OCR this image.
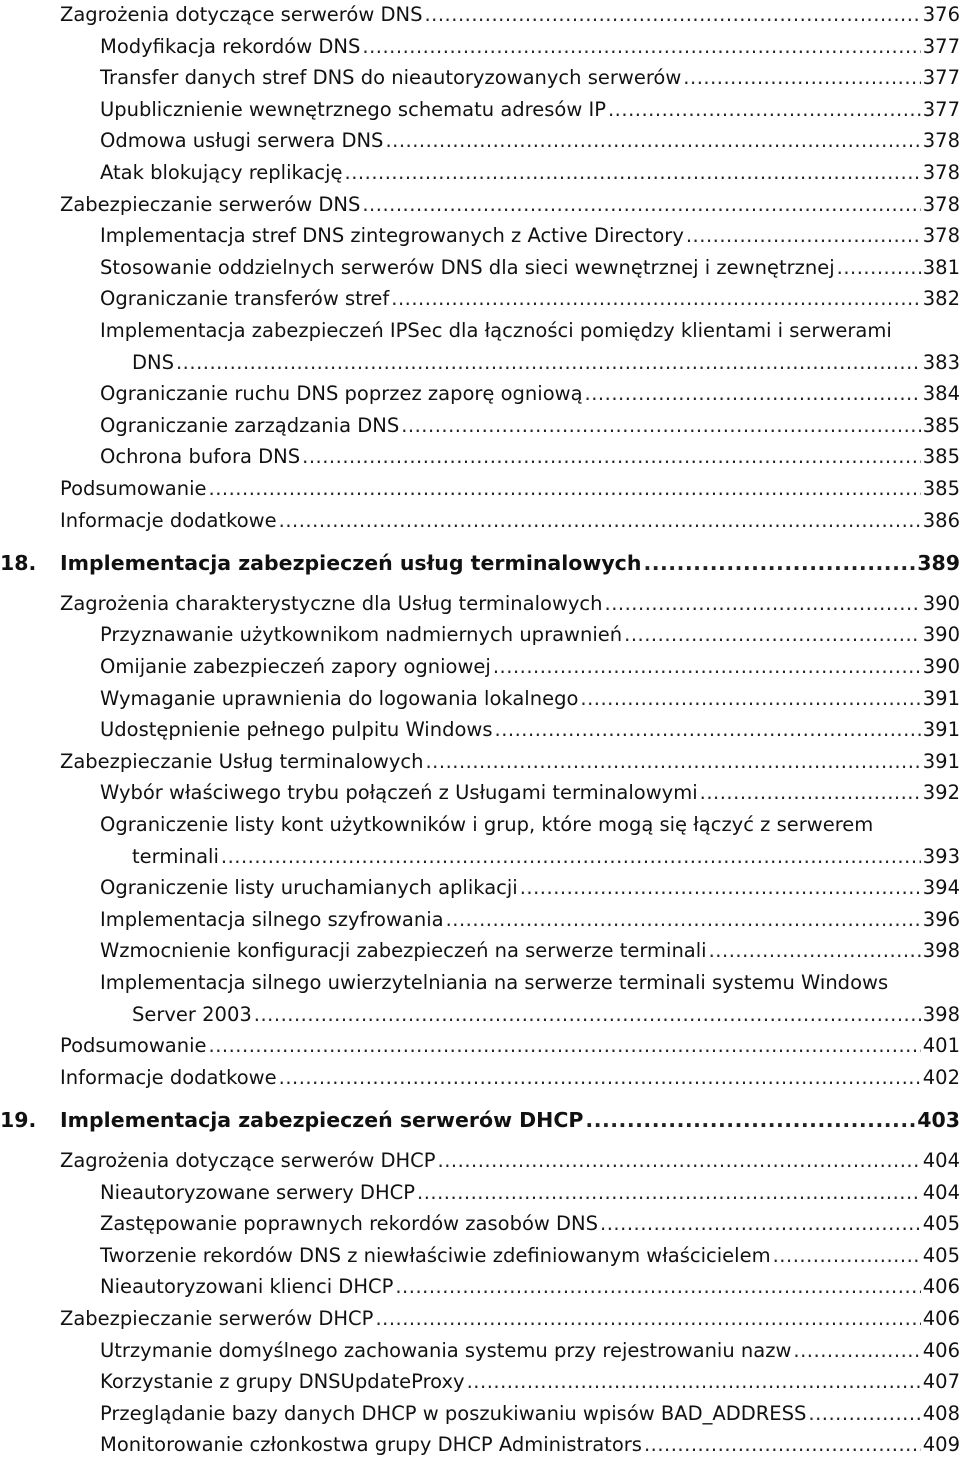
Zagrożenia dotyczące serwerów DNS .....	376
Modyfikacja rekordów DNS .....	377
Transfer danych stref DNS do nieautoryzowanych serwerów .....	377
Upublicznienie wewnętrznego schematu adresów IP .....	377
Odmowa usługi serwera DNS .....	378
Atak blokujący replikację .....	378
Zabezpieczanie serwerów DNS .....	378
Implementacja stref DNS zintegrowanych z Active Directory .....	378
Stosowanie oddzielnych serwerów DNS dla sieci wewnętrznej i zewnętrznej .....	381
Ograniczanie transferów stref .....	382
Implementacja zabezpieczeń IPSec dla łączności pomiędzy klientami i serwerami
DNS .....	383
Ograniczanie ruchu DNS poprzez zaporę ogniową .....	384
Ograniczanie zarządzania DNS .....	385
Ochrona bufora DNS .....	385
Podsumowanie .....	385
Informacje dodatkowe .....	386
18.	Implementacja zabezpieczeń usług terminalowych .....	389
Zagrożenia charakterystyczne dla Usług terminalowych .....	390
Przyznawanie użytkownikom nadmiernych uprawnień .....	390
Omijanie zabezpieczeń zapory ogniowej .....	390
Wymaganie uprawnienia do logowania lokalnego .....	391
Udostępnienie pełnego pulpitu Windows .....	391
Zabezpieczanie Usług terminalowych .....	391
Wybór właściwego trybu połączeń z Usługami terminalowymi .....	392
Ograniczenie listy kont użytkowników i grup, które mogą się łączyć z serwerem
terminali .....	393
Ograniczenie listy uruchamianych aplikacji .....	394
Implementacja silnego szyfrowania .....	396
Wzmocnienie konfiguracji zabezpieczeń na serwerze terminali .....	398
Implementacja silnego uwierzytelniania na serwerze terminali systemu Windows
Server 2003 .....	398
Podsumowanie .....	401
Informacje dodatkowe .....	402
19.	Implementacja zabezpieczeń serwerów DHCP .....	403
Zagrożenia dotyczące serwerów DHCP .....	404
Nieautoryzowane serwery DHCP .....	404
Zastępowanie poprawnych rekordów zasobów DNS .....	405
Tworzenie rekordów DNS z niewłaściwie zdefiniowanym właścicielem .....	405
Nieautoryzowani klienci DHCP .....	406
Zabezpieczanie serwerów DHCP .....	406
Utrzymanie domyślnego zachowania systemu przy rejestrowaniu nazw .....	406
Korzystanie z grupy DNSUpdateProxy .....	407
Przeglądanie bazy danych DHCP w poszukiwaniu wpisów BAD_ADDRESS .....	408
Monitorowanie członkostwa grupy DHCP Administrators .....	409
